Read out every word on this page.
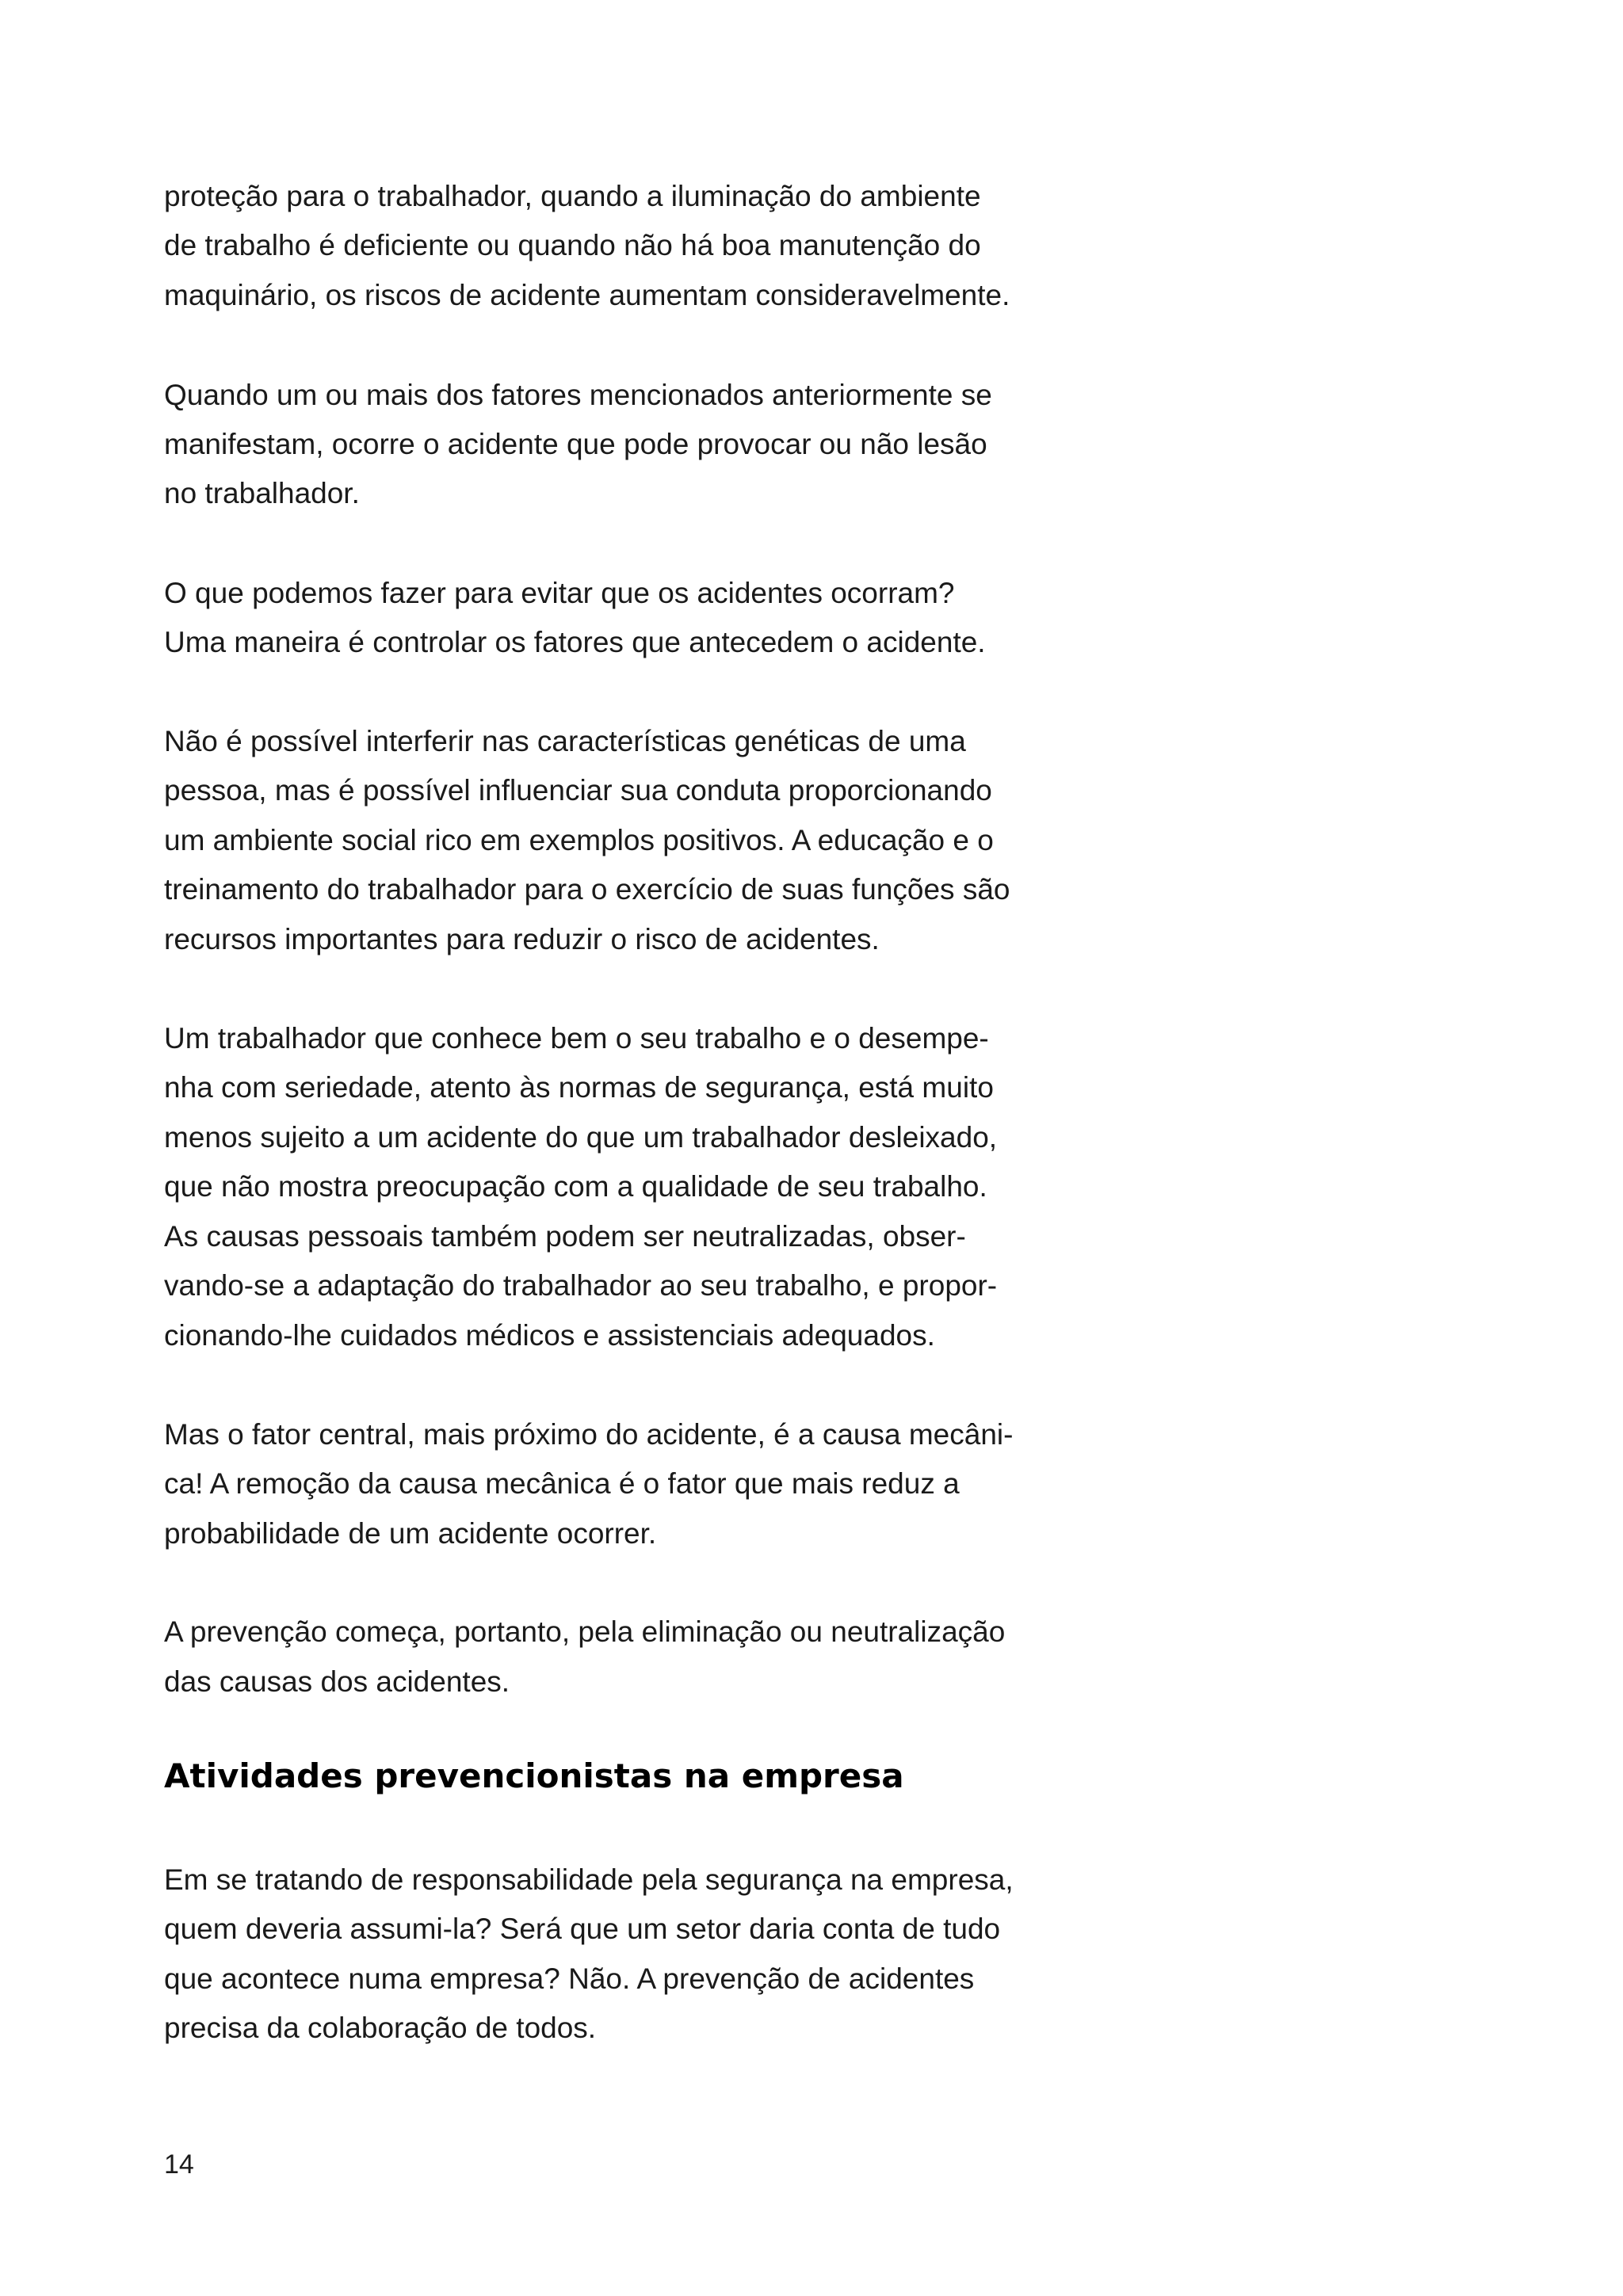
proteção para o trabalhador, quando a iluminação do ambiente

de trabalho é deficiente ou quando não há boa manutenção do

maquinário, os riscos de acidente aumentam consideravelmente.

Quando um ou mais dos fatores mencionados anteriormente se

manifestam, ocorre o acidente que pode provocar ou não lesão

no trabalhador.

O que podemos fazer para evitar que os acidentes ocorram?

Uma maneira é controlar os fatores que antecedem o acidente.

Não é possível interferir nas características genéticas de uma

pessoa, mas é possível influenciar sua conduta proporcionando

um ambiente social rico em exemplos positivos. A educação e o

treinamento do trabalhador para o exercício de suas funções são

recursos importantes para reduzir o risco de acidentes.

Um trabalhador que conhece bem o seu trabalho e o desempe-

nha com seriedade, atento às normas de segurança, está muito

menos sujeito a um acidente do que um trabalhador desleixado,

que não mostra preocupação com a qualidade de seu trabalho.

As causas pessoais também podem ser neutralizadas, obser-

vando-se a adaptação do trabalhador ao seu trabalho, e propor-

cionando-lhe cuidados médicos e assistenciais adequados.

Mas o fator central, mais próximo do acidente, é a causa mecâni-

ca! A remoção da causa mecânica é o fator que mais reduz a

probabilidade de um acidente ocorrer.

A prevenção começa, portanto, pela eliminação ou neutralização

das causas dos acidentes.

Atividades prevencionistas na empresa

Em se tratando de responsabilidade pela segurança na empresa,

quem deveria assumi-la? Será que um setor daria conta de tudo

que acontece numa empresa? Não. A prevenção de acidentes

precisa da colaboração de todos.

14
